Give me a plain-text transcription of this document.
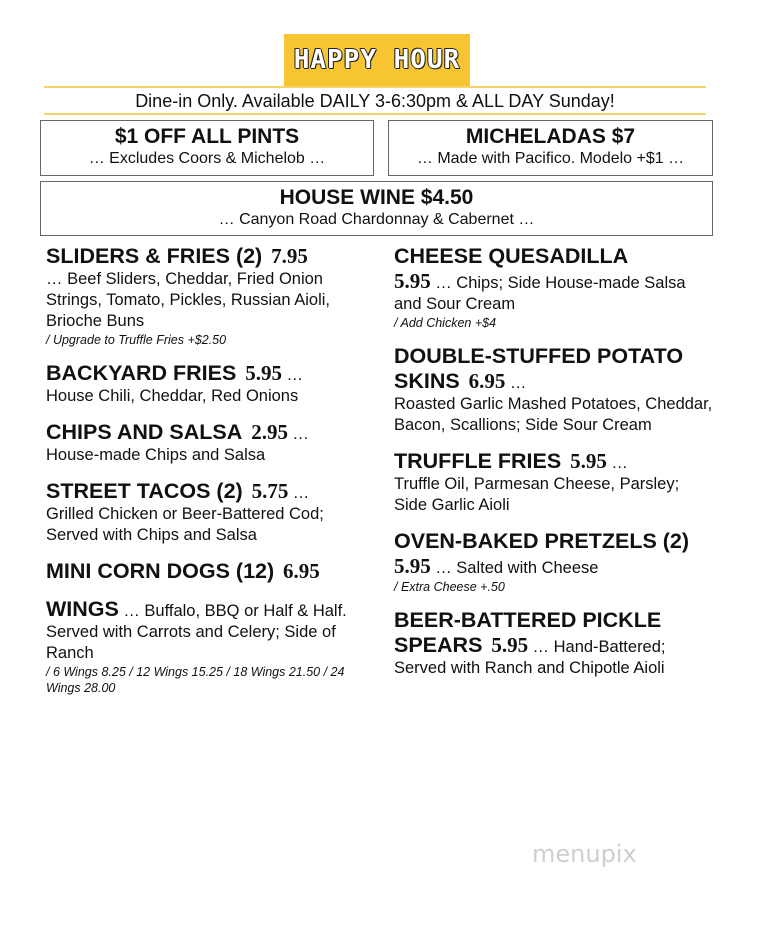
HAPPY HOUR
Dine-in Only. Available DAILY 3-6:30pm & ALL DAY Sunday!
$1 OFF ALL PINTS
… Excludes Coors & Michelob …
MICHELADAS $7
… Made with Pacifico. Modelo +$1 …
HOUSE WINE $4.50
… Canyon Road Chardonnay & Cabernet …
SLIDERS & FRIES (2) 7.95
… Beef Sliders, Cheddar, Fried Onion Strings, Tomato, Pickles, Russian Aioli, Brioche Buns
/ Upgrade to Truffle Fries +$2.50
BACKYARD FRIES 5.95 …
House Chili, Cheddar, Red Onions
CHIPS AND SALSA 2.95 …
House-made Chips and Salsa
STREET TACOS (2) 5.75 …
Grilled Chicken or Beer-Battered Cod; Served with Chips and Salsa
MINI CORN DOGS (12) 6.95
WINGS … Buffalo, BBQ or Half & Half. Served with Carrots and Celery; Side of Ranch
/ 6 Wings 8.25 / 12 Wings 15.25 / 18 Wings 21.50 / 24 Wings 28.00
CHEESE QUESADILLA
5.95 … Chips; Side House-made Salsa and Sour Cream
/ Add Chicken +$4
DOUBLE-STUFFED POTATO SKINS 6.95 …
Roasted Garlic Mashed Potatoes, Cheddar, Bacon, Scallions; Side Sour Cream
TRUFFLE FRIES 5.95 …
Truffle Oil, Parmesan Cheese, Parsley; Side Garlic Aioli
OVEN-BAKED PRETZELS (2)  5.95 … Salted with Cheese
/ Extra Cheese +.50
BEER-BATTERED PICKLE SPEARS 5.95 … Hand-Battered; Served with Ranch and Chipotle Aioli
menupix
